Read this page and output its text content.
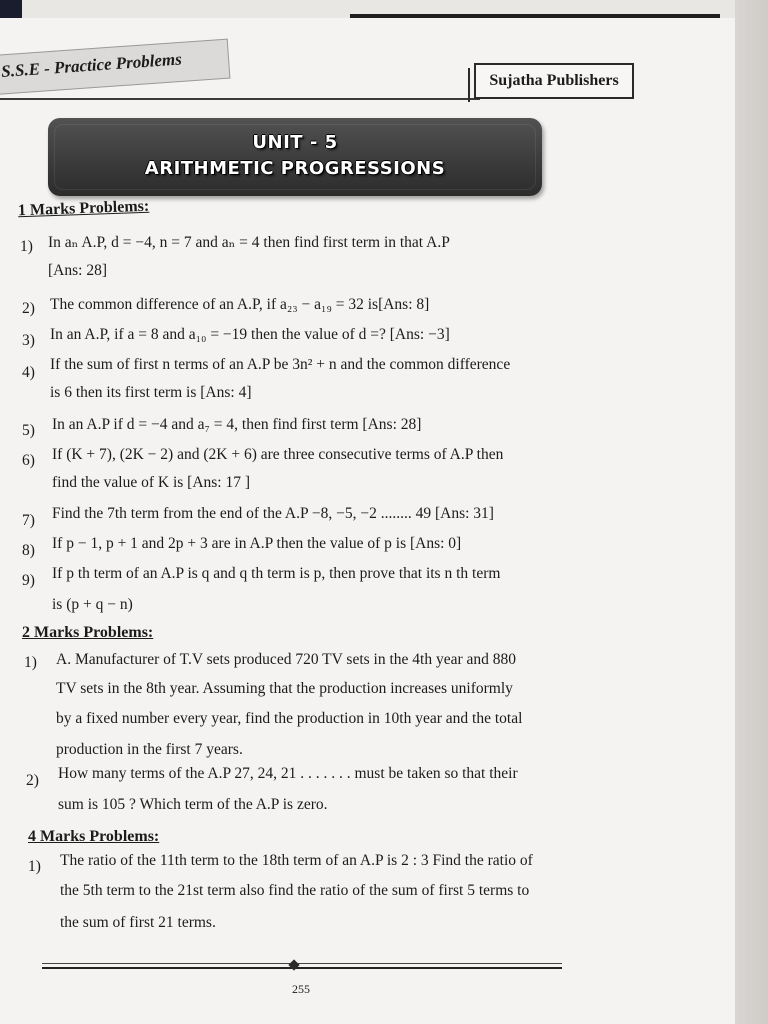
S.S.E - Practice Problems	Sujatha Publishers
UNIT - 5
ARITHMETIC PROGRESSIONS
1 Marks Problems:
1) In aₙ A.P, d = −4, n = 7 and aₙ = 4 then find first term in that A.P
[Ans: 28]
2) The common difference of an A.P, if a₂₃ − a₁₉ = 32 is[Ans: 8]
3) In an A.P, if a = 8 and a₁₀ = −19 then the value of d =? [Ans: −3]
4) If the sum of first n terms of an A.P be 3n² + n and the common difference
is 6 then its first term is [Ans: 4]
5)	In an A.P if d = −4 and a₇ = 4, then find first term [Ans: 28]
6)	If (K + 7), (2K − 2) and (2K + 6) are three consecutive terms of A.P then
find the value of K is [Ans: 17 ]
7)	Find the 7th term from the end of the A.P −8, −5, −2 ........ 49 [Ans: 31]
8)	If p − 1, p + 1 and 2p + 3 are in A.P then the value of p is [Ans: 0]
9)	If p th term of an A.P is q and q th term is p, then prove that its n th term
is (p + q − n)
2 Marks Problems:
1)	A. Manufacturer of T.V sets produced 720 TV sets in the 4th year and 880
TV sets in the 8th year. Assuming that the production increases uniformly
by a fixed number every year, find the production in 10th year and the total
production in the first 7 years.
2)	How many terms of the A.P 27, 24, 21 . . . . . . . must be taken so that their
sum is 105 ? Which term of the A.P is zero.
4 Marks Problems:
1)	The ratio of the 11th term to the 18th term of an A.P is 2 : 3 Find the ratio of
the 5th term to the 21st term also find the ratio of the sum of first 5 terms to
the sum of first 21 terms.
255
